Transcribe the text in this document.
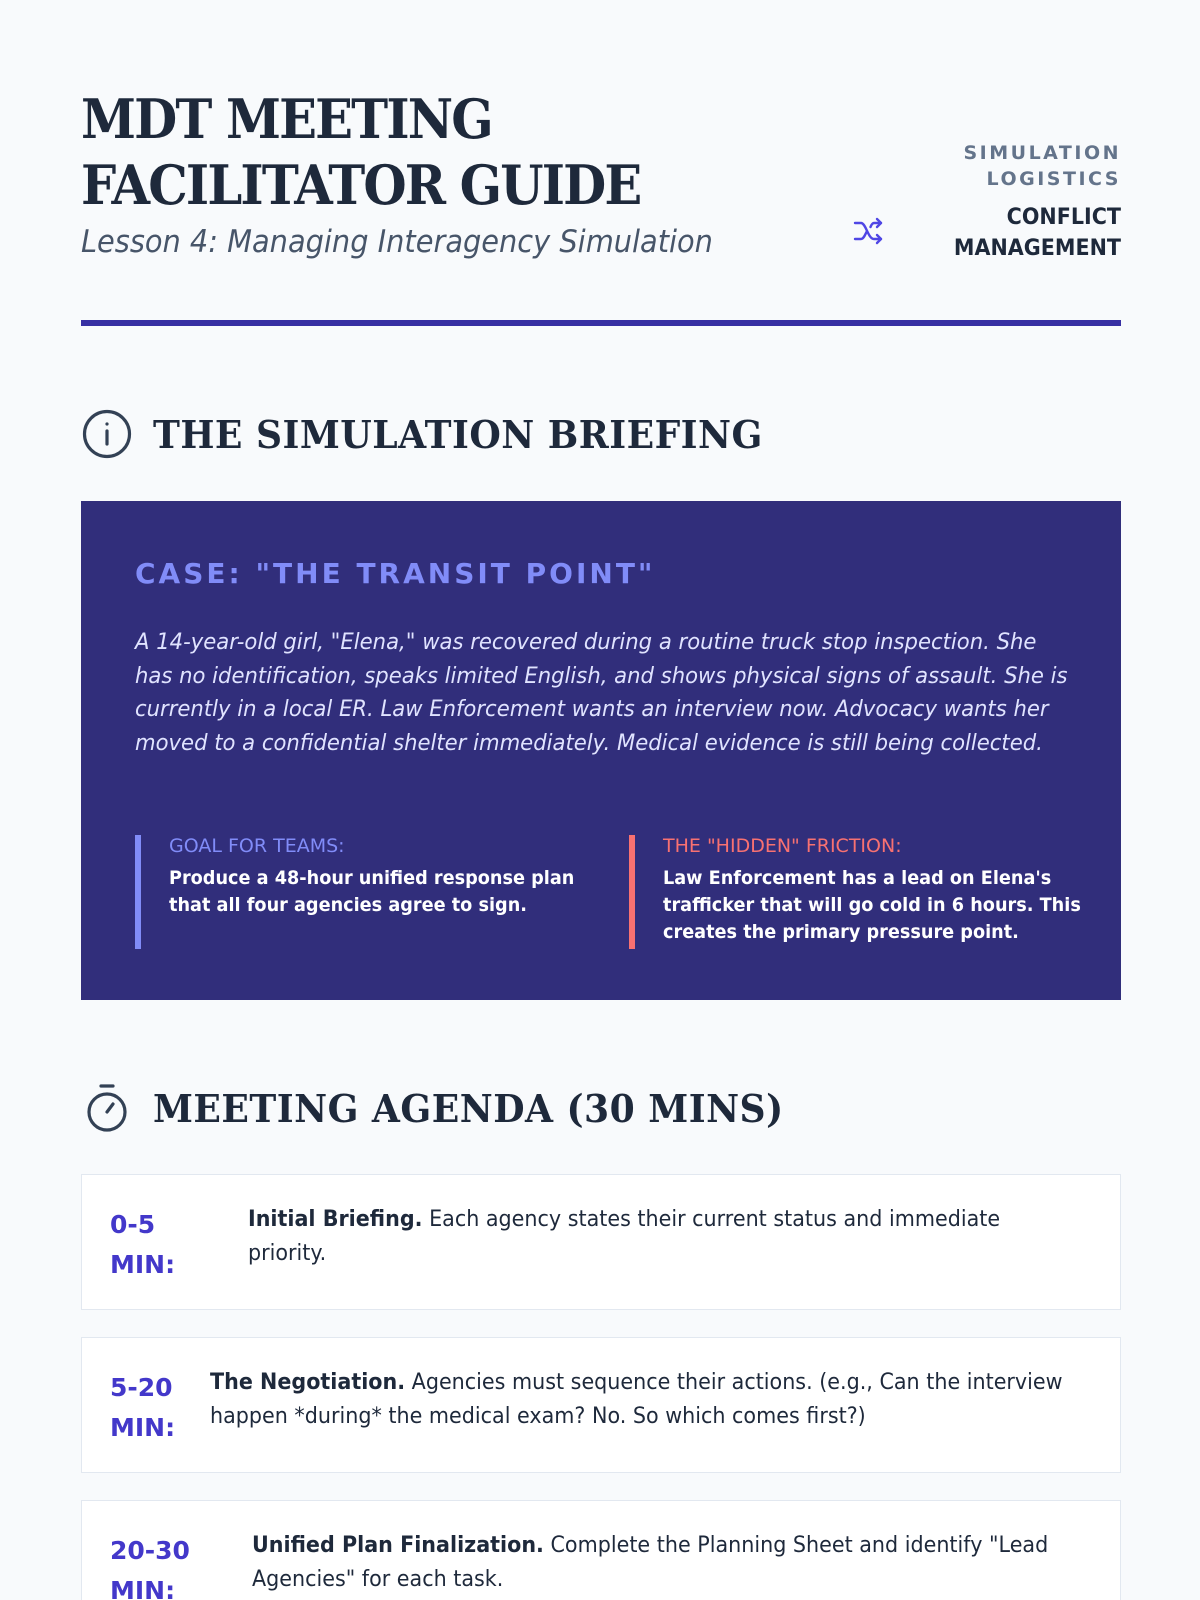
MDT MEETING
FACILITATOR GUIDE
Lesson 4: Managing Interagency Simulation
SIMULATION LOGISTICS
CONFLICT MANAGEMENT
THE SIMULATION BRIEFING
CASE: "THE TRANSIT POINT"
A 14-year-old girl, "Elena," was recovered during a routine truck stop inspection. She has no identification, speaks limited English, and shows physical signs of assault. She is currently in a local ER. Law Enforcement wants an interview now. Advocacy wants her moved to a confidential shelter immediately. Medical evidence is still being collected.
GOAL FOR TEAMS:
Produce a 48-hour unified response plan that all four agencies agree to sign.
THE "HIDDEN" FRICTION:
Law Enforcement has a lead on Elena's trafficker that will go cold in 6 hours. This creates the primary pressure point.
MEETING AGENDA (30 MINS)
0-5 MIN:
Initial Briefing. Each agency states their current status and immediate priority.
5-20 MIN:
The Negotiation. Agencies must sequence their actions. (e.g., Can the interview happen *during* the medical exam? No. So which comes first?)
20-30 MIN:
Unified Plan Finalization. Complete the Planning Sheet and identify "Lead Agencies" for each task.
